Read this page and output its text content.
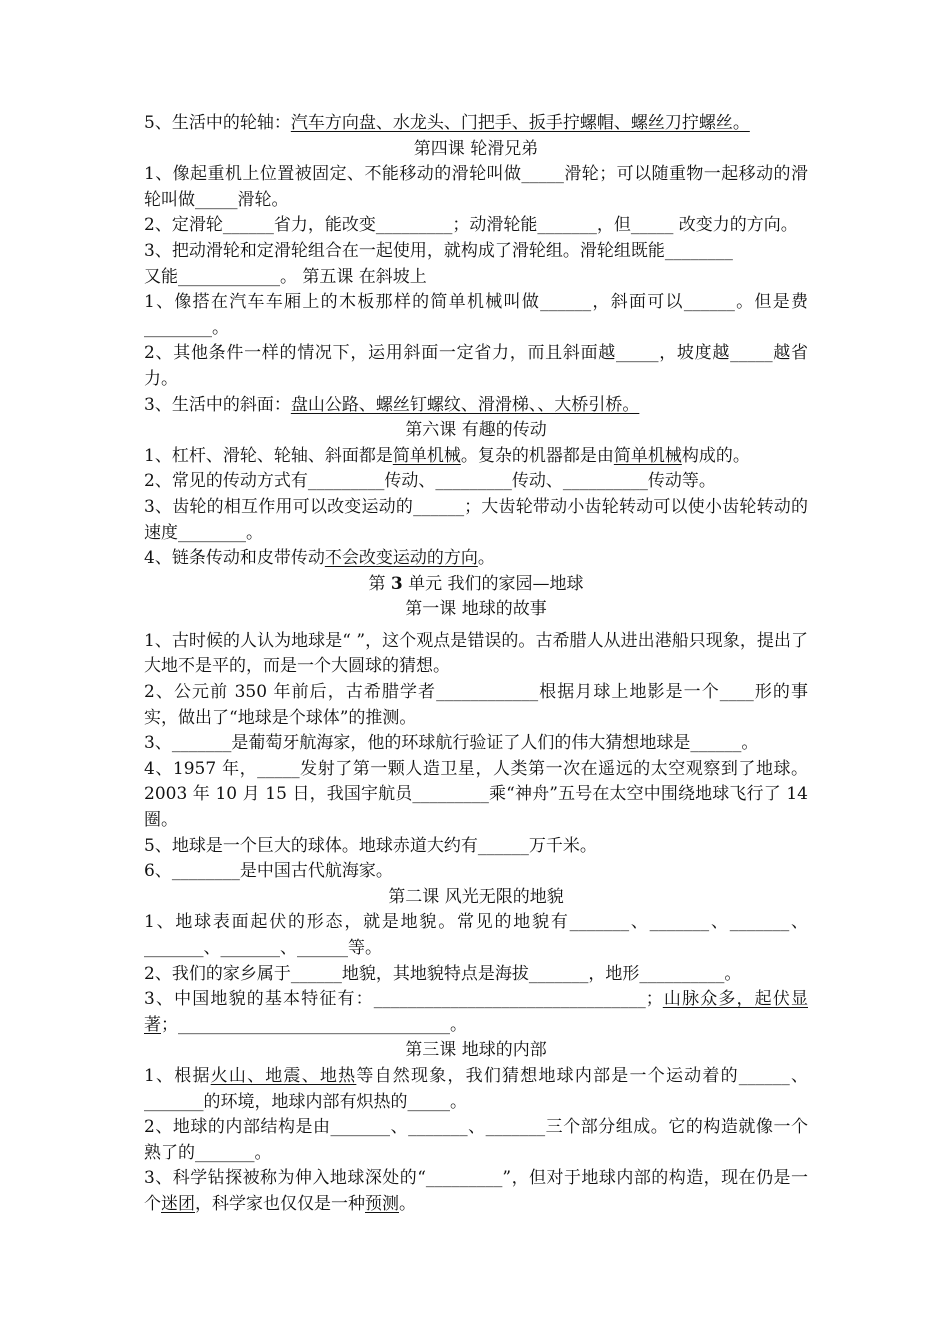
5、生活中的轮轴：汽车方向盘、水龙头、门把手、扳手拧螺帽、螺丝刀拧螺丝。
第四课 轮滑兄弟
1、像起重机上位置被固定、不能移动的滑轮叫做_____滑轮；可以随重物一起移动的滑轮叫做_____滑轮。
2、定滑轮______省力，能改变_________；动滑轮能_______，但_____ 改变力的方向。
3、把动滑轮和定滑轮组合在一起使用，就构成了滑轮组。滑轮组既能________
又能____________。 第五课 在斜坡上
1、像搭在汽车车厢上的木板那样的简单机械叫做______，斜面可以______。但是费________。
2、其他条件一样的情况下，运用斜面一定省力，而且斜面越_____，坡度越_____越省力。
3、生活中的斜面：盘山公路、螺丝钉螺纹、滑滑梯、、大桥引桥。
第六课 有趣的传动
1、杠杆、滑轮、轮轴、斜面都是简单机械。复杂的机器都是由简单机械构成的。
2、常见的传动方式有_________传动、_________传动、__________传动等。
3、齿轮的相互作用可以改变运动的______；大齿轮带动小齿轮转动可以使小齿轮转动的速度________。
4、链条传动和皮带传动不会改变运动的方向。
第 3 单元 我们的家园—地球
第一课 地球的故事
1、古时候的人认为地球是“ ”，这个观点是错误的。古希腊人从进出港船只现象，提出了大地不是平的，而是一个大圆球的猜想。
2、公元前 350 年前后，古希腊学者____________根据月球上地影是一个____形的事实，做出了“地球是个球体”的推测。
3、_______是葡萄牙航海家，他的环球航行验证了人们的伟大猜想地球是______。
4、1957 年，_____发射了第一颗人造卫星，人类第一次在遥远的太空观察到了地球。2003 年 10 月 15 日，我国宇航员_________乘“神舟”五号在太空中围绕地球飞行了 14 圈。
5、地球是一个巨大的球体。地球赤道大约有______万千米。
6、________是中国古代航海家。
第二课 风光无限的地貌
1、地球表面起伏的形态，就是地貌。常见的地貌有_______、_______、_______、_______、_______、______等。
2、我们的家乡属于______地貌，其地貌特点是海拔_______，地形__________。
3、中国地貌的基本特征有：________________________________；山脉众多，起伏显著；________________________________。
第三课 地球的内部
1、根据火山、地震、地热等自然现象，我们猜想地球内部是一个运动着的______、_______的环境，地球内部有炽热的_____。
2、地球的内部结构是由_______、_______、_______三个部分组成。它的构造就像一个熟了的_______。
3、科学钻探被称为伸入地球深处的“_________”，但对于地球内部的构造，现在仍是一个迷团，科学家也仅仅是一种预测。
